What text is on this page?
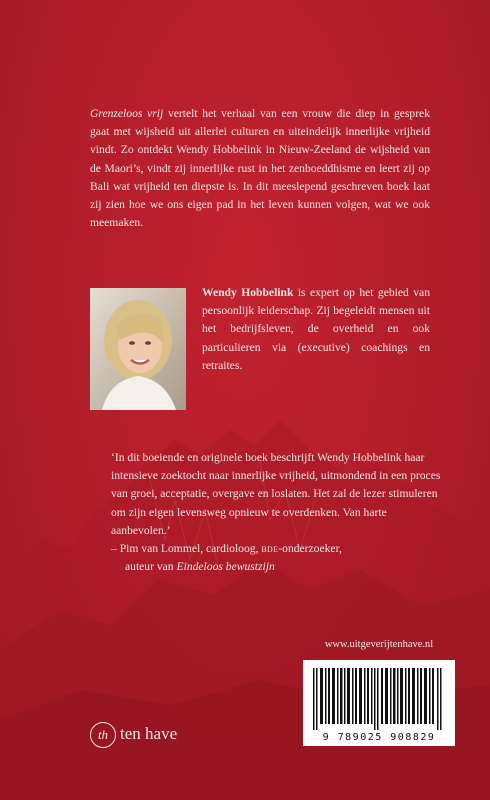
Grenzeloos vrij vertelt het verhaal van een vrouw die diep in gesprek gaat met wijsheid uit allerlei culturen en uiteindelijk innerlijke vrijheid vindt. Zo ontdekt Wendy Hobbelink in Nieuw-Zeeland de wijsheid van de Maori’s, vindt zij innerlijke rust in het zenboeddhisme en leert zij op Bali wat vrijheid ten diepste is. In dit meeslepend geschreven boek laat zij zien hoe we ons eigen pad in het leven kunnen volgen, wat we ook meemaken.
Wendy Hobbelink is expert op het gebied van persoonlijk leiderschap. Zij begeleidt mensen uit het bedrijfsleven, de overheid en ook particulieren via (executive) coachings en retraites.
‘In dit boeiende en originele boek beschrijft Wendy Hobbelink haar intensieve zoektocht naar innerlijke vrijheid, uitmondend in een proces van groei, acceptatie, overgave en loslaten. Het zal de lezer stimuleren om zijn eigen levensweg opnieuw te overdenken. Van harte aanbevolen.’
– Pim van Lommel, cardioloog, bde-onderzoeker,
auteur van Eindeloos bewustzijn
www.uitgeverijtenhave.nl
9 789025 908829
th ten have
